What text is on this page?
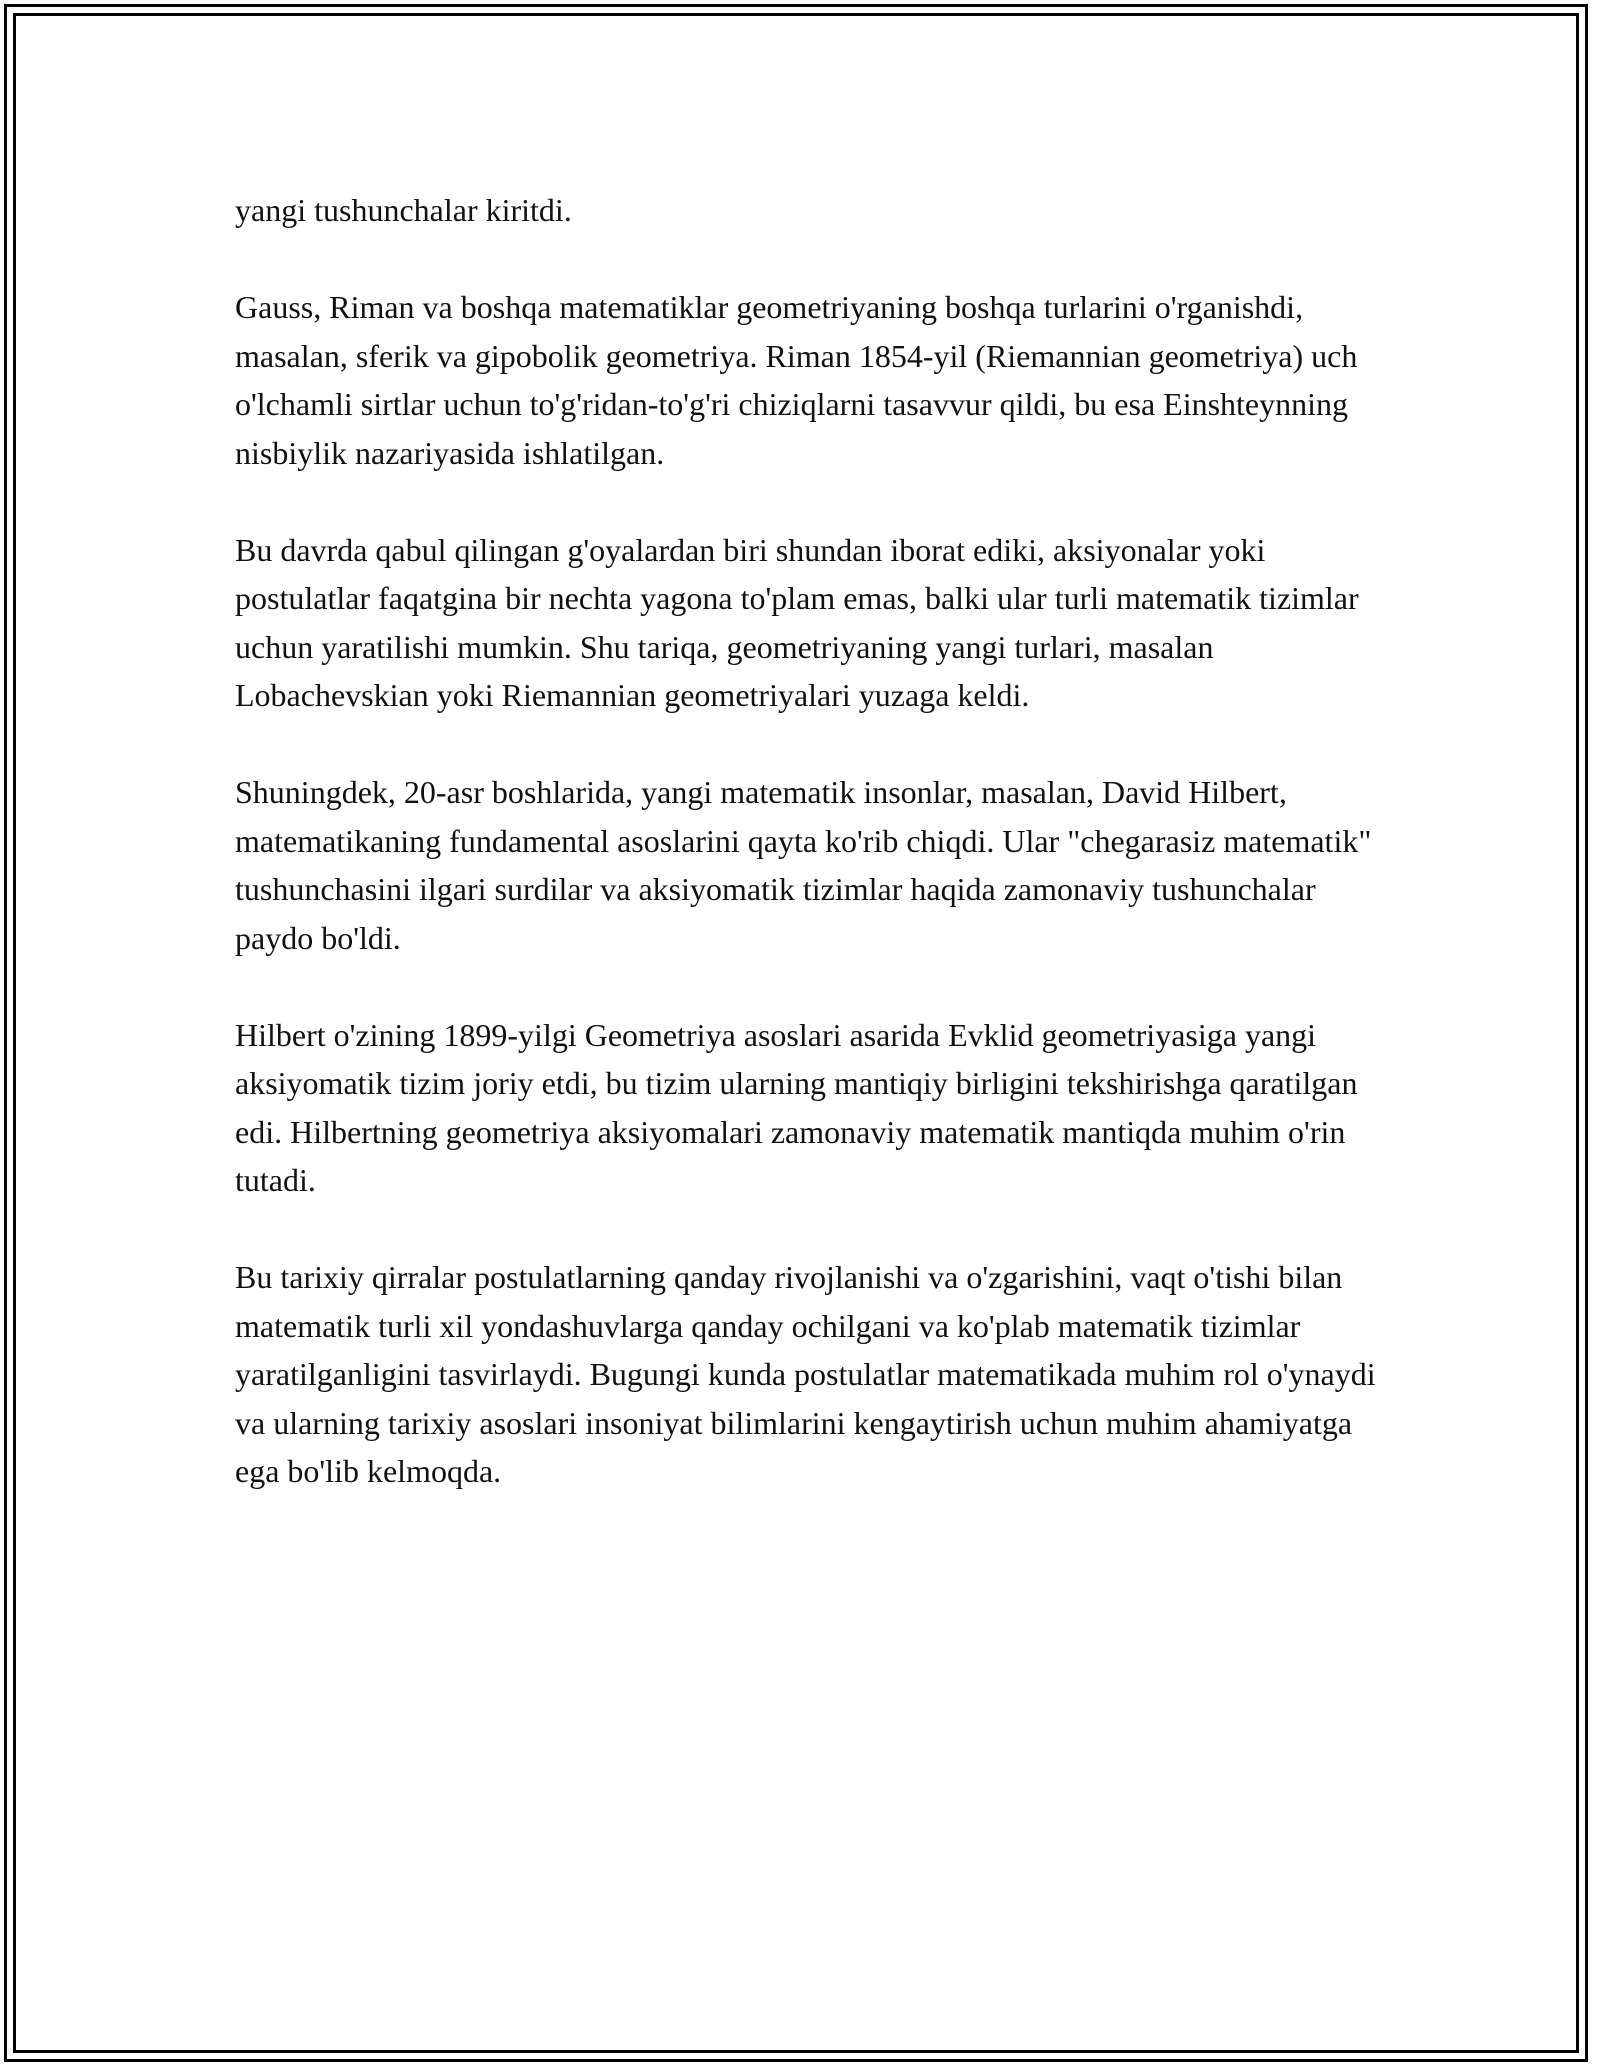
yangi tushunchalar kiritdi.

Gauss, Riman va boshqa matematiklar geometriyaning boshqa turlarini o'rganishdi, masalan, sferik va gipobolik geometriya. Riman 1854-yil (Riemannian geometriya) uch o'lchamli sirtlar uchun to'g'ridan-to'g'ri chiziqlarni tasavvur qildi, bu esa Einshteynning nisbiylik nazariyasida ishlatilgan.

Bu davrda qabul qilingan g'oyalardan biri shundan iborat ediki, aksiyonalar yoki postulatlar faqatgina bir nechta yagona to'plam emas, balki ular turli matematik tizimlar uchun yaratilishi mumkin. Shu tariqa, geometriyaning yangi turlari, masalan Lobachevskian yoki Riemannian geometriyalari yuzaga keldi.

Shuningdek, 20-asr boshlarida, yangi matematik insonlar, masalan, David Hilbert, matematikaning fundamental asoslarini qayta ko'rib chiqdi. Ular "chegarasiz matematik" tushunchasini ilgari surdilar va aksiyomatik tizimlar haqida zamonaviy tushunchalar paydo bo'ldi.

Hilbert o'zining 1899-yilgi Geometriya asoslari asarida Evklid geometriyasiga yangi aksiyomatik tizim joriy etdi, bu tizim ularning mantiqiy birligini tekshirishga qaratilgan edi. Hilbertning geometriya aksiyomalari zamonaviy matematik mantiqda muhim o'rin tutadi.

Bu tarixiy qirralar postulatlarning qanday rivojlanishi va o'zgarishini, vaqt o'tishi bilan matematik turli xil yondashuvlarga qanday ochilgani va ko'plab matematik tizimlar yaratilganligini tasvirlaydi. Bugungi kunda postulatlar matematikada muhim rol o'ynaydi va ularning tarixiy asoslari insoniyat bilimlarini kengaytirish uchun muhim ahamiyatga ega bo'lib kelmoqda.
